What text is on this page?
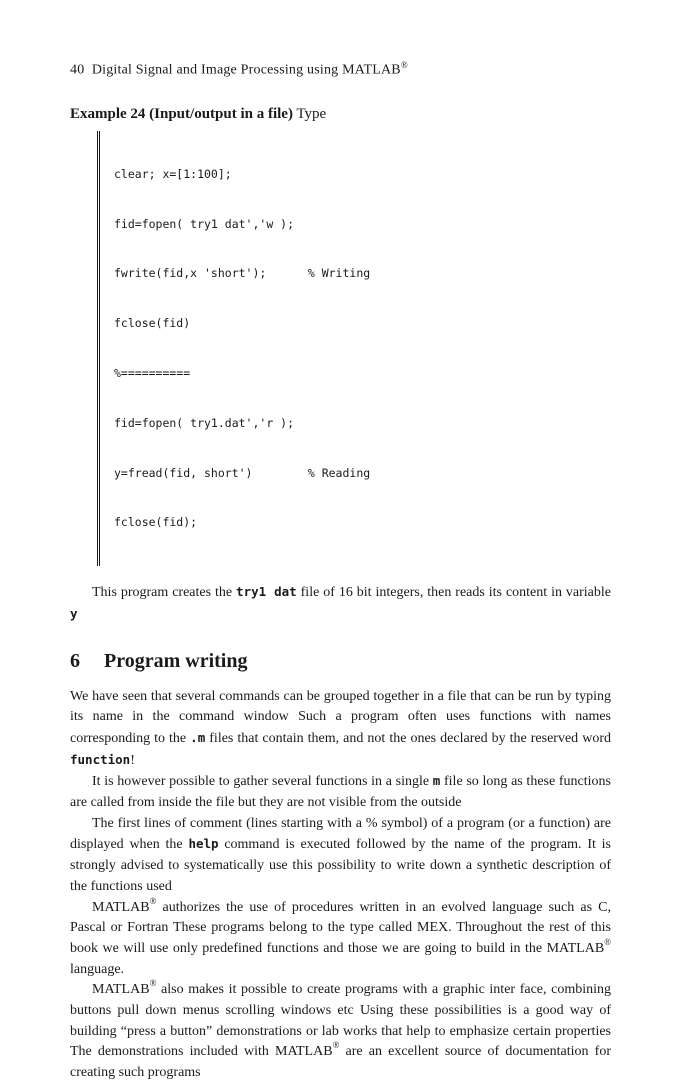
40 Digital Signal and Image Processing using MATLAB®
Example 24 (Input/output in a file) Type

clear; x=[1:100];

fid=fopen( try1 dat','w );

fwrite(fid,x 'short');      % Writing

fclose(fid)

%==========

fid=fopen( try1.dat','r );

y=fread(fid, short')        % Reading

fclose(fid);

This program creates the try1 dat file of 16 bit integers, then reads its content in variable y

6 Program writing

We have seen that several commands can be grouped together in a file that can be run by typing its name in the command window Such a program often uses functions with names corresponding to the .m files that contain them, and not the ones declared by the reserved word function!

It is however possible to gather several functions in a single m file so long as these functions are called from inside the file but they are not visible from the outside

The first lines of comment (lines starting with a % symbol) of a program (or a function) are displayed when the help command is executed followed by the name of the program. It is strongly advised to systematically use this possibility to write down a synthetic description of the functions used

MATLAB® authorizes the use of procedures written in an evolved language such as C, Pascal or Fortran These programs belong to the type called MEX. Throughout the rest of this book we will use only predefined functions and those we are going to build in the MATLAB® language.

MATLAB® also makes it possible to create programs with a graphic inter face, combining buttons pull down menus scrolling windows etc Using these possibilities is a good way of building “press a button” demonstrations or lab works that help to emphasize certain properties The demonstrations included with MATLAB® are an excellent source of documentation for creating such programs
